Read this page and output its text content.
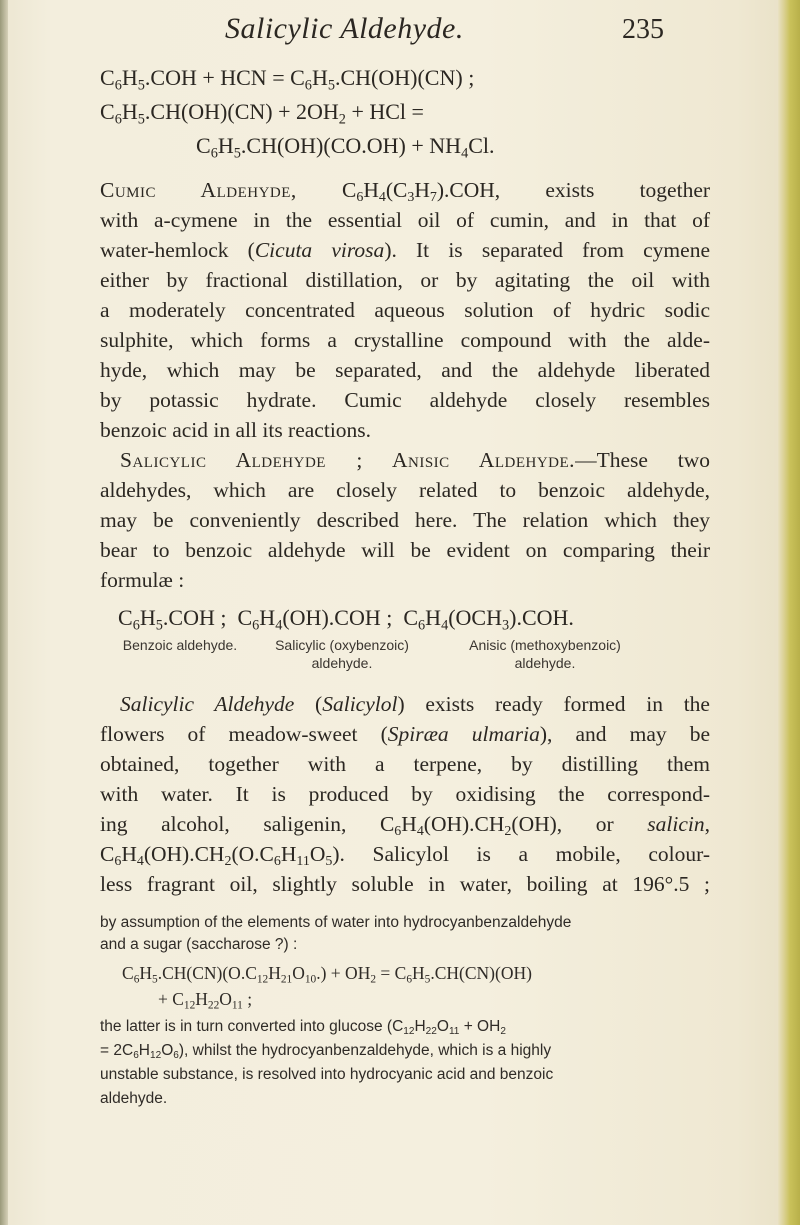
Salicylic Aldehyde.	235
$C_6H_5.COH$ + HCN = $C_6H_5.CH(OH)(CN)$ ;
$C_6H_5.CH(OH)(CN) + 2OH_2$ + HCl =
$C_6H_5.CH(OH)(CO.OH) + NH_4Cl$.
Cumic Aldehyde, $C_6H_4(C_3H_7).COH$, exists together
with a-cymene in the essential oil of cumin, and in that of
water-hemlock (Cicuta virosa). It is separated from cymene
either by fractional distillation, or by agitating the oil with
a moderately concentrated aqueous solution of hydric sodic
sulphite, which forms a crystalline compound with the alde-
hyde, which may be separated, and the aldehyde liberated
by potassic hydrate. Cumic aldehyde closely resembles
benzoic acid in all its reactions.
Salicylic Aldehyde ; Anisic Aldehyde.—These two
aldehydes, which are closely related to benzoic aldehyde,
may be conveniently described here. The relation which they
bear to benzoic aldehyde will be evident on comparing their
formulæ :
$C_6H_5.COH$ ;  $C_6H_4(OH).COH$ ;  $C_6H_4(OCH_3).COH$.
Benzoic aldehyde.	Salicylic (oxybenzoic)
aldehyde.
Anisic (methoxybenzoic)
aldehyde.
Salicylic Aldehyde (Salicylol) exists ready formed in the
flowers of meadow-sweet (Spiræa ulmaria), and may be
obtained, together with a terpene, by distilling them
with water. It is produced by oxidising the correspond-
ing alcohol, saligenin, $C_6H_4(OH).CH_2(OH)$, or salicin,
$C_6H_4(OH).CH_2(O.C_6H_{11}O_5)$. Salicylol is a mobile, colour-
less fragrant oil, slightly soluble in water, boiling at 196°.5 ;
by assumption of the elements of water into hydrocyanbenzaldehyde
and a sugar (saccharose ?) :
$C_6H_5.CH(CN)(O.C_{12}H_{21}O_{10}.) + OH_2 = C_6H_5.CH(CN)(OH)$
+ $C_{12}H_{22}O_{11}$ ;
the latter is in turn converted into glucose ($C_{12}H_{22}O_{11} + OH_2$
= $2C_6H_{12}O_6$), whilst the hydrocyanbenzaldehyde, which is a highly
unstable substance, is resolved into hydrocyanic acid and benzoic
aldehyde.
